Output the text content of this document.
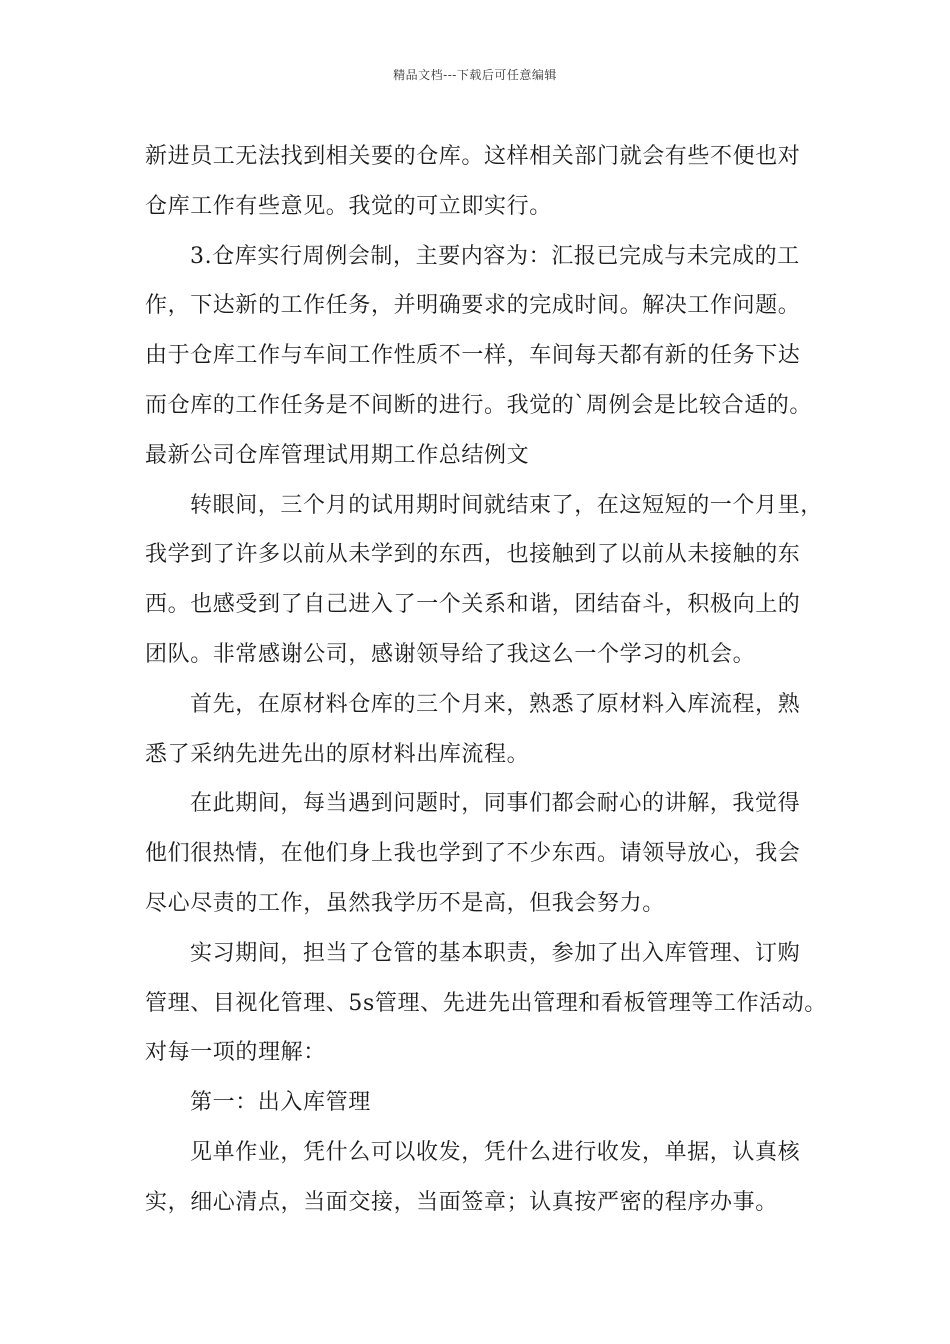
精品文档---下载后可任意编辑
新进员工无法找到相关要的仓库。这样相关部门就会有些不便也对
仓库工作有些意见。我觉的可立即实行。
3.仓库实行周例会制，主要内容为：汇报已完成与未完成的工
作，下达新的工作任务，并明确要求的完成时间。解决工作问题。
由于仓库工作与车间工作性质不一样，车间每天都有新的任务下达
而仓库的工作任务是不间断的进行。我觉的`周例会是比较合适的。
最新公司仓库管理试用期工作总结例文
转眼间，三个月的试用期时间就结束了，在这短短的一个月里，
我学到了许多以前从未学到的东西，也接触到了以前从未接触的东
西。也感受到了自己进入了一个关系和谐，团结奋斗，积极向上的
团队。非常感谢公司，感谢领导给了我这么一个学习的机会。
首先，在原材料仓库的三个月来，熟悉了原材料入库流程，熟
悉了采纳先进先出的原材料出库流程。
在此期间，每当遇到问题时，同事们都会耐心的讲解，我觉得
他们很热情，在他们身上我也学到了不少东西。请领导放心，我会
尽心尽责的工作，虽然我学历不是高，但我会努力。
实习期间，担当了仓管的基本职责，参加了出入库管理、订购
管理、目视化管理、5s管理、先进先出管理和看板管理等工作活动。
对每一项的理解：
第一：出入库管理
见单作业，凭什么可以收发，凭什么进行收发，单据，认真核
实，细心清点，当面交接，当面签章；认真按严密的程序办事。
